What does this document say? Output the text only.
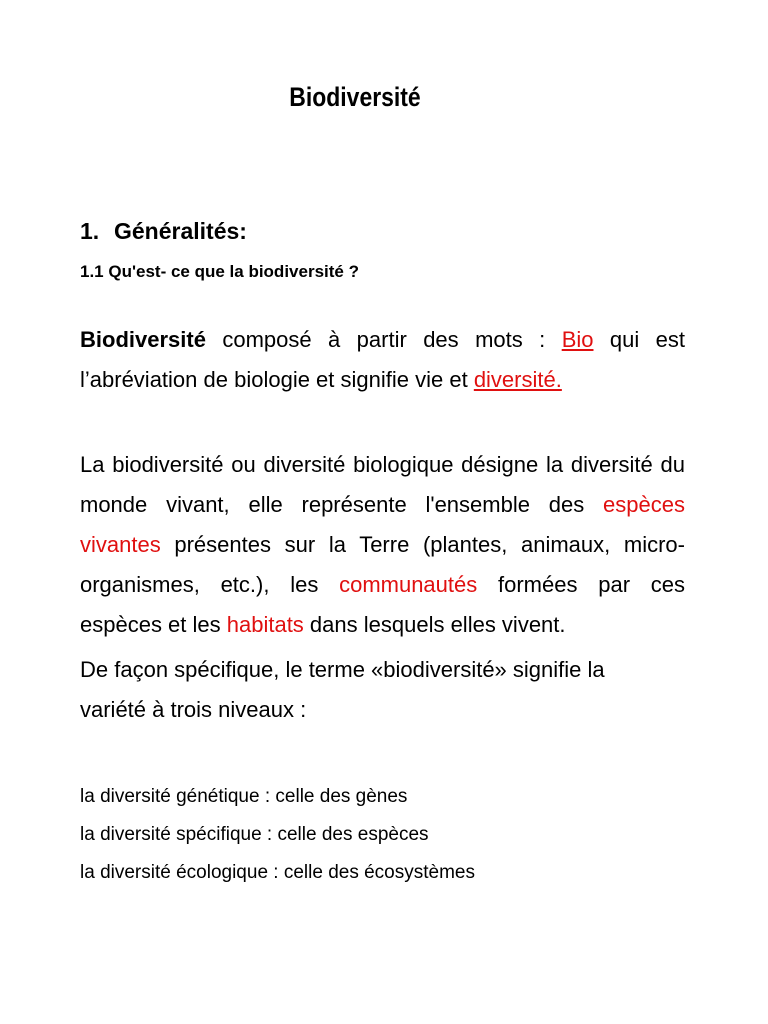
Biodiversité
1. Généralités:
1.1 Qu'est- ce que la biodiversité ?
Biodiversité composé à partir des mots : Bio qui est l’abréviation de biologie et signifie vie et diversité.
La biodiversité ou diversité biologique désigne la diversité du monde vivant, elle représente l'ensemble des espèces vivantes présentes sur la Terre (plantes, animaux, micro-organismes, etc.), les communautés formées par ces espèces et les habitats dans lesquels elles vivent.
De façon spécifique, le terme «biodiversité» signifie la variété à trois niveaux :
la diversité génétique : celle des gènes
la diversité spécifique : celle des espèces
la diversité écologique : celle des écosystèmes
